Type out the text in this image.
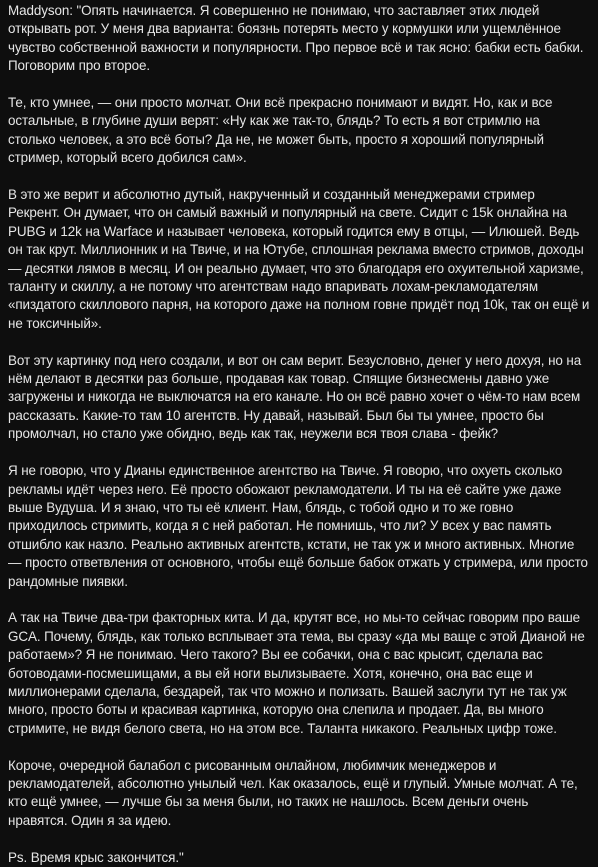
Maddyson: "Опять начинается. Я совершенно не понимаю, что заставляет этих людей открывать рот. У меня два варианта: боязнь потерять место у кормушки или ущемлённое чувство собственной важности и популярности. Про первое всё и так ясно: бабки есть бабки. Поговорим про второе.

Те, кто умнее, — они просто молчат. Они всё прекрасно понимают и видят. Но, как и все остальные, в глубине души верят: «Ну как же так-то, блядь? То есть я вот стримлю на столько человек, а это всё боты? Да не, не может быть, просто я хороший популярный стример, который всего добился сам».

В это же верит и абсолютно дутый, накрученный и созданный менеджерами стример Рекрент. Он думает, что он самый важный и популярный на свете. Сидит с 15k онлайна на PUBG и 12k на Warface и называет человека, который годится ему в отцы, — Илюшей. Ведь он так крут. Миллионник и на Твиче, и на Ютубе, сплошная реклама вместо стримов, доходы — десятки лямов в месяц. И он реально думает, что это благодаря его охуительной харизме, таланту и скиллу, а не потому что агентствам надо впаривать лохам-рекламодателям «пиздатого скиллового парня, на которого даже на полном говне придёт под 10k, так он ещё и не токсичный».

Вот эту картинку под него создали, и вот он сам верит. Безусловно, денег у него дохуя, но на нём делают в десятки раз больше, продавая как товар. Спящие бизнесмены давно уже загружены и никогда не выключатся на его канале. Но он всё равно хочет о чём-то нам всем рассказать. Какие-то там 10 агентств. Ну давай, называй. Был бы ты умнее, просто бы промолчал, но стало уже обидно, ведь как так, неужели вся твоя слава - фейк?

Я не говорю, что у Дианы единственное агентство на Твиче. Я говорю, что охуеть сколько рекламы идёт через него. Её просто обожают рекламодатели. И ты на её сайте уже даже выше Вудуша. И я знаю, что ты её клиент. Нам, блядь, с тобой одно и то же говно приходилось стримить, когда я с ней работал. Не помнишь, что ли? У всех у вас память отшибло как назло. Реально активных агентств, кстати, не так уж и много активных. Многие — просто ответвления от основного, чтобы ещё больше бабок отжать у стримера, или просто рандомные пиявки.

А так на Твиче два-три факторных кита. И да, крутят все, но мы-то сейчас говорим про ваше GCA. Почему, блядь, как только всплывает эта тема, вы сразу «да мы ваще с этой Дианой не работаем»? Я не понимаю. Чего такого? Вы ее собачки, она с вас крысит, сделала вас ботоводами-посмешищами, а вы ей ноги вылизываете. Хотя, конечно, она вас еще и миллионерами сделала, бездарей, так что можно и полизать. Вашей заслуги тут не так уж много, просто боты и красивая картинка, которую она слепила и продает. Да, вы много стримите, не видя белого света, но на этом все. Таланта никакого. Реальных цифр тоже.

Короче, очередной балабол с рисованным онлайном, любимчик менеджеров и рекламодателей, абсолютно унылый чел. Как оказалось, ещё и глупый. Умные молчат. А те, кто ещё умнее, — лучше бы за меня были, но таких не нашлось. Всем деньги очень нравятся. Один я за идею.

Ps. Время крыс закончится."
